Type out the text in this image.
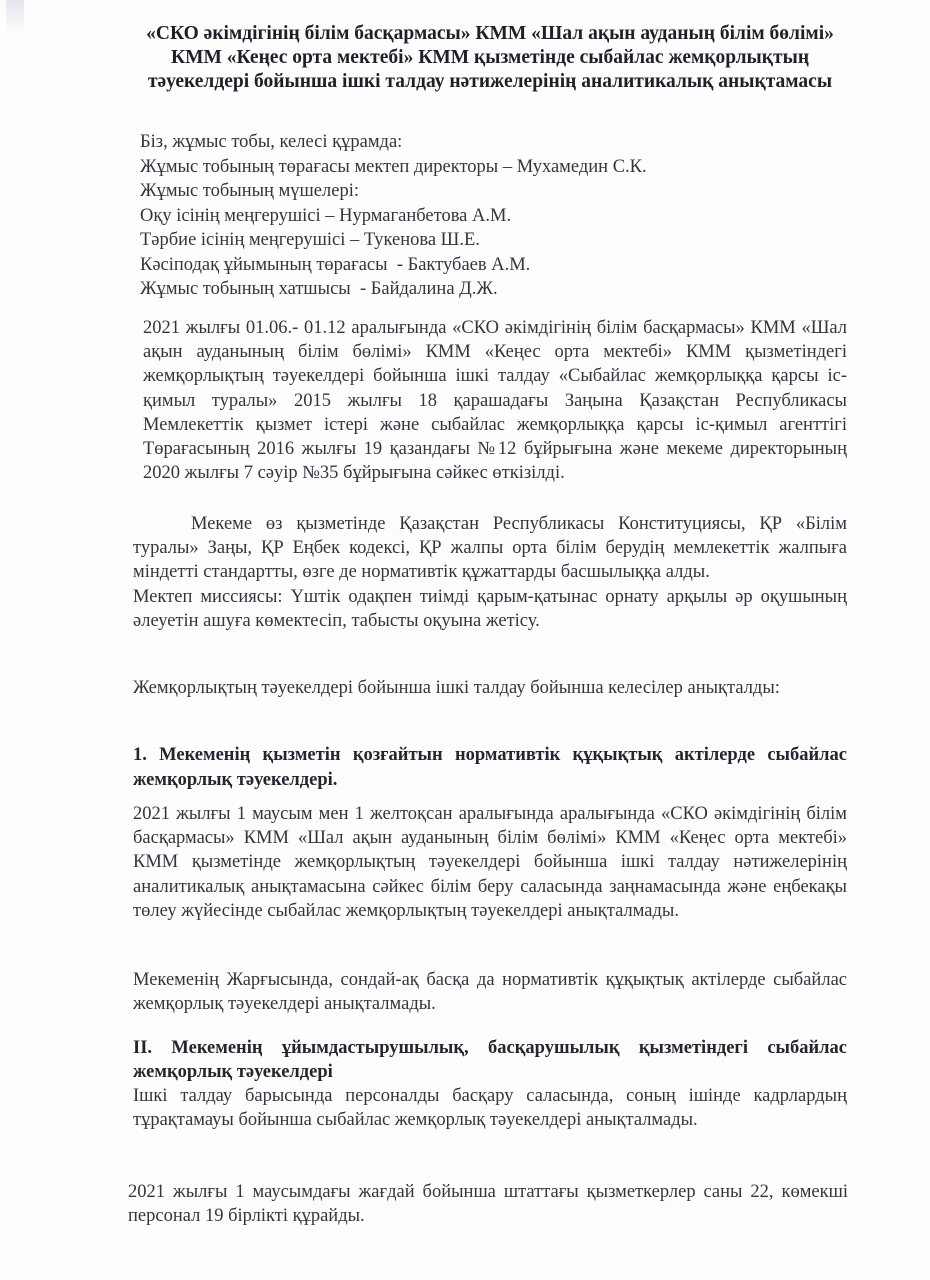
«СКО әкімдігінің білім басқармасы» КММ «Шал ақын ауданың білім бөлімі» КММ «Кеңес орта мектебі» КММ қызметінде сыбайлас жемқорлықтың тәуекелдері бойынша ішкі талдау нәтижелерінің аналитикалық анықтамасы
Біз, жұмыс тобы, келесі құрамда:
Жұмыс тобының төрағасы мектеп директоры – Мухамедин С.К.
Жұмыс тобының мүшелері:
Оқу ісінің меңгерушісі – Нурмаганбетова А.М.
Тәрбие ісінің меңгерушісі – Тукенова Ш.Е.
Кәсіподақ ұйымының төрағасы  - Бактубаев А.М.
Жұмыс тобының хатшысы  - Байдалина Д.Ж.
2021 жылғы 01.06.- 01.12 аралығында «СКО әкімдігінің білім басқармасы» КММ «Шал ақын ауданының білім бөлімі» КММ «Кеңес орта мектебі» КММ қызметіндегі жемқорлықтың тәуекелдері бойынша ішкі талдау «Сыбайлас жемқорлыққа қарсы іс-қимыл туралы» 2015 жылғы 18 қарашадағы Заңына Қазақстан Республикасы Мемлекеттік қызмет істері және сыбайлас жемқорлыққа қарсы іс-қимыл агенттігі Төрағасының 2016 жылғы 19 қазандағы №12 бұйрығына және мекеме директорының 2020 жылғы 7 сәуір №35 бұйрығына сәйкес өткізілді.
Мекеме өз қызметінде Қазақстан Республикасы Конституциясы, ҚР «Білім туралы» Заңы, ҚР Еңбек кодексі, ҚР жалпы орта білім берудің мемлекеттік жалпыға міндетті стандартты, өзге де нормативтік құжаттарды басшылыққа алды.
Мектеп миссиясы: Үштік одақпен тиімді қарым-қатынас орнату арқылы әр оқушының әлеуетін ашуға көмектесіп, табысты оқуына жетісу.
Жемқорлықтың тәуекелдері бойынша ішкі талдау бойынша келесілер анықталды:
1. Мекеменің қызметін қозғайтын нормативтік құқықтық актілерде сыбайлас жемқорлық тәуекелдері.
2021 жылғы 1 маусым мен 1 желтоқсан аралығында аралығында «СКО әкімдігінің білім басқармасы» КММ «Шал ақын ауданының білім бөлімі» КММ «Кеңес орта мектебі» КММ қызметінде жемқорлықтың тәуекелдері бойынша ішкі талдау нәтижелерінің аналитикалық анықтамасына сәйкес білім беру саласында заңнамасында және еңбекақы төлеу жүйесінде сыбайлас жемқорлықтың тәуекелдері анықталмады.
Мекеменің Жарғысында, сондай-ақ басқа да нормативтік құқықтық актілерде сыбайлас жемқорлық тәуекелдері анықталмады.
II. Мекеменің ұйымдастырушылық, басқарушылық қызметіндегі сыбайлас жемқорлық тәуекелдері
Ішкі талдау барысында персоналды басқару саласында, соның ішінде кадрлардың тұрақтамауы бойынша сыбайлас жемқорлық тәуекелдері анықталмады.
2021 жылғы 1 маусымдағы жағдай бойынша штаттағы қызметкерлер саны 22, көмекші персонал 19 бірлікті құрайды.
